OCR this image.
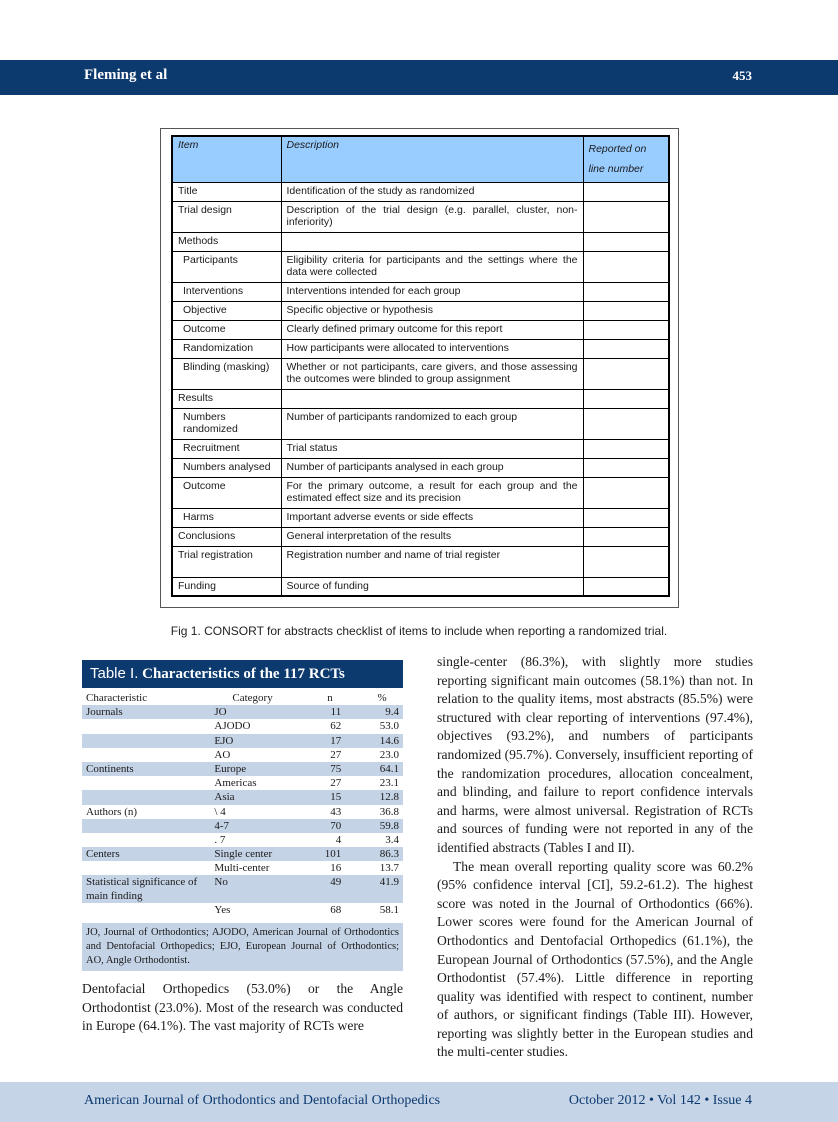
Fleming et al	453
Item	Description	Reported on line number
Title	Identification of the study as randomized	
Trial design	Description of the trial design (e.g. parallel, cluster, non-inferiority)	
Methods		
Participants	Eligibility criteria for participants and the settings where the data were collected	
Interventions	Interventions intended for each group	
Objective	Specific objective or hypothesis	
Outcome	Clearly defined primary outcome for this report	
Randomization	How participants were allocated to interventions	
Blinding (masking)	Whether or not participants, care givers, and those assessing the outcomes were blinded to group assignment	
Results		
Numbers randomized	Number of participants randomized to each group	
Recruitment	Trial status	
Numbers analysed	Number of participants analysed in each group	
Outcome	For the primary outcome, a result for each group and the estimated effect size and its precision	
Harms	Important adverse events or side effects	
Conclusions	General interpretation of the results	
Trial registration	Registration number and name of trial register	
Funding	Source of funding	
Fig 1. CONSORT for abstracts checklist of items to include when reporting a randomized trial.
Table I. Characteristics of the 117 RCTs
Characteristic	Category	n	%
Journals	JO	11	9.4
	AJODO	62	53.0
	EJO	17	14.6
	AO	27	23.0
Continents	Europe	75	64.1
	Americas	27	23.1
	Asia	15	12.8
Authors (n)	\ 4	43	36.8
	4-7	70	59.8
	. 7	4	3.4
Centers	Single center	101	86.3
	Multi-center	16	13.7
Statistical significance of main finding	No	49	41.9
	Yes	68	58.1
JO, Journal of Orthodontics; AJODO, American Journal of Orthodontics and Dentofacial Orthopedics; EJO, European Journal of Orthodontics; AO, Angle Orthodontist.

Dentofacial Orthopedics (53.0%) or the Angle Orthodontist (23.0%). Most of the research was conducted in Europe (64.1%). The vast majority of RCTs were

single-center (86.3%), with slightly more studies reporting significant main outcomes (58.1%) than not. In relation to the quality items, most abstracts (85.5%) were structured with clear reporting of interventions (97.4%), objectives (93.2%), and numbers of participants randomized (95.7%). Conversely, insufficient reporting of the randomization procedures, allocation concealment, and blinding, and failure to report confidence intervals and harms, were almost universal. Registration of RCTs and sources of funding were not reported in any of the identified abstracts (Tables I and II).

The mean overall reporting quality score was 60.2% (95% confidence interval [CI], 59.2-61.2). The highest score was noted in the Journal of Orthodontics (66%). Lower scores were found for the American Journal of Orthodontics and Dentofacial Orthopedics (61.1%), the European Journal of Orthodontics (57.5%), and the Angle Orthodontist (57.4%). Little difference in reporting quality was identified with respect to continent, number of authors, or significant findings (Table III). However, reporting was slightly better in the European studies and the multi-center studies.

American Journal of Orthodontics and Dentofacial Orthopedics	October 2012 • Vol 142 • Issue 4
